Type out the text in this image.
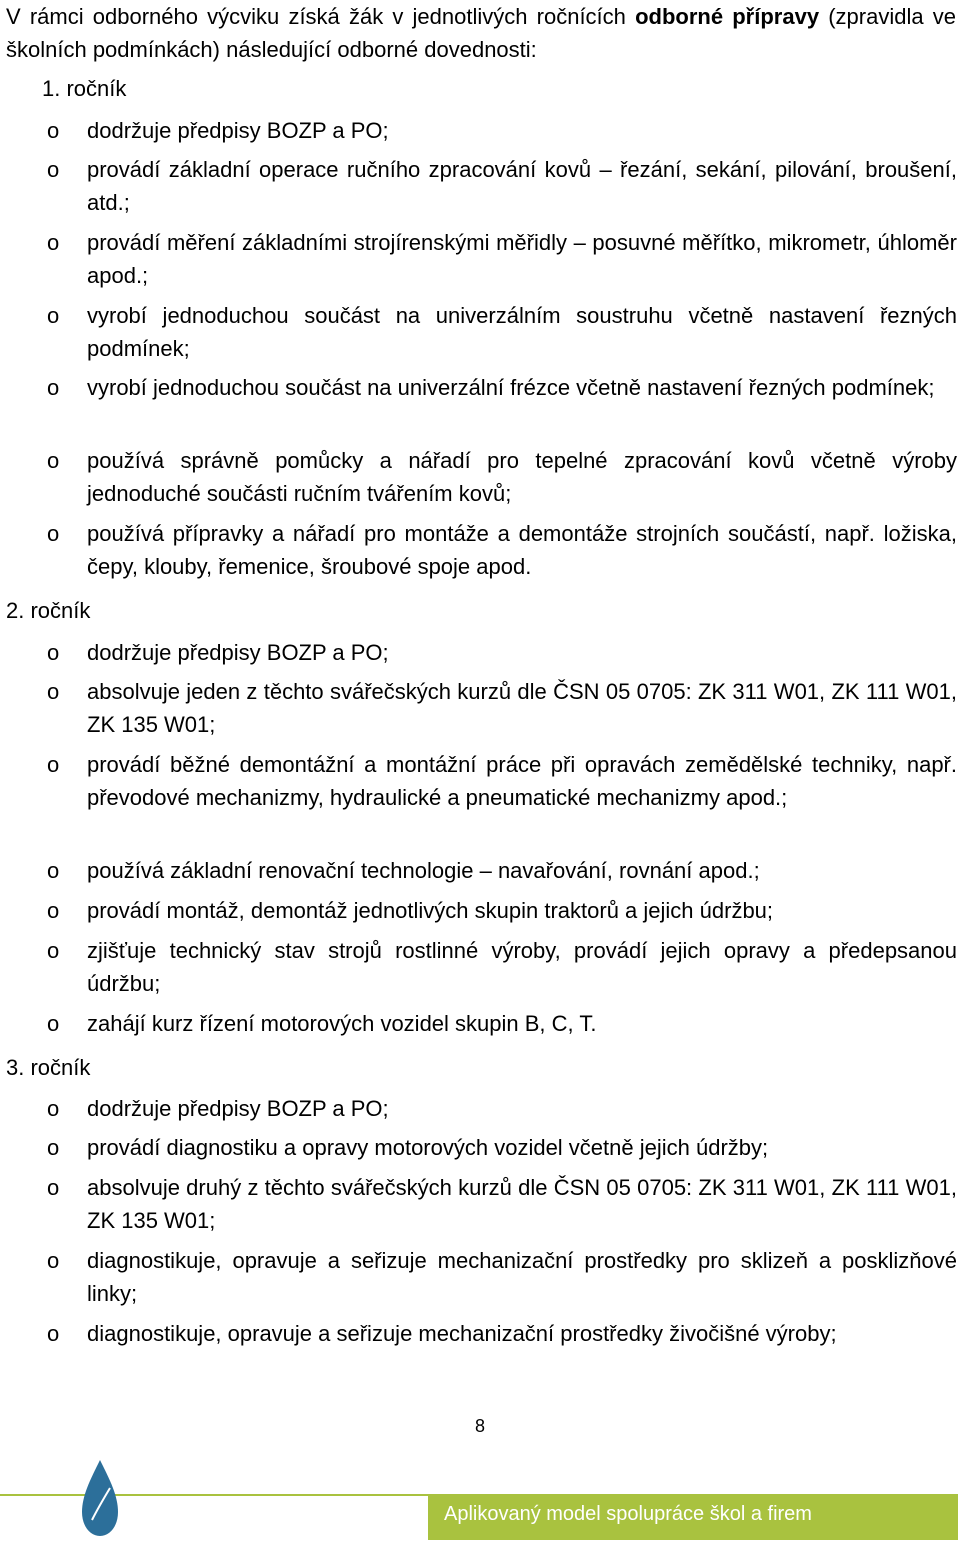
V rámci odborného výcviku získá žák v jednotlivých ročnících odborné přípravy (zpravidla ve školních podmínkách) následující odborné dovednosti:
1. ročník
o dodržuje předpisy BOZP a PO;
o provádí základní operace ručního zpracování kovů – řezání, sekání, pilování, broušení, atd.;
o provádí měření základními strojírenskými měřidly – posuvné měřítko, mikrometr, úhloměr apod.;
o vyrobí jednoduchou součást na univerzálním soustruhu včetně nastavení řezných podmínek;
o vyrobí jednoduchou součást na univerzální frézce včetně nastavení řezných podmínek;
o používá správně pomůcky a nářadí pro tepelné zpracování kovů včetně výroby jednoduché součásti ručním tvářením kovů;
o používá přípravky a nářadí pro montáže a demontáže strojních součástí, např. ložiska, čepy, klouby, řemenice, šroubové spoje apod.
2. ročník
o dodržuje předpisy BOZP a PO;
o absolvuje jeden z těchto svářečských kurzů dle ČSN 05 0705: ZK 311 W01, ZK 111 W01, ZK 135 W01;
o provádí běžné demontážní a montážní práce při opravách zemědělské techniky, např. převodové mechanizmy, hydraulické a pneumatické mechanizmy apod.;
o používá základní renovační technologie – navařování, rovnání apod.;
o provádí montáž, demontáž jednotlivých skupin traktorů a jejich údržbu;
o zjišťuje technický stav strojů rostlinné výroby, provádí jejich opravy a předepsanou údržbu;
o zahájí kurz řízení motorových vozidel skupin B, C, T.
3. ročník
o dodržuje předpisy BOZP a PO;
o provádí diagnostiku a opravy motorových vozidel včetně jejich údržby;
o absolvuje druhý z těchto svářečských kurzů dle ČSN 05 0705: ZK 311 W01, ZK 111 W01, ZK 135 W01;
o diagnostikuje, opravuje a seřizuje mechanizační prostředky pro sklizeň a posklizňové linky;
o diagnostikuje, opravuje a seřizuje mechanizační prostředky živočišné výroby;
8
Aplikovaný model spolupráce škol a firem
